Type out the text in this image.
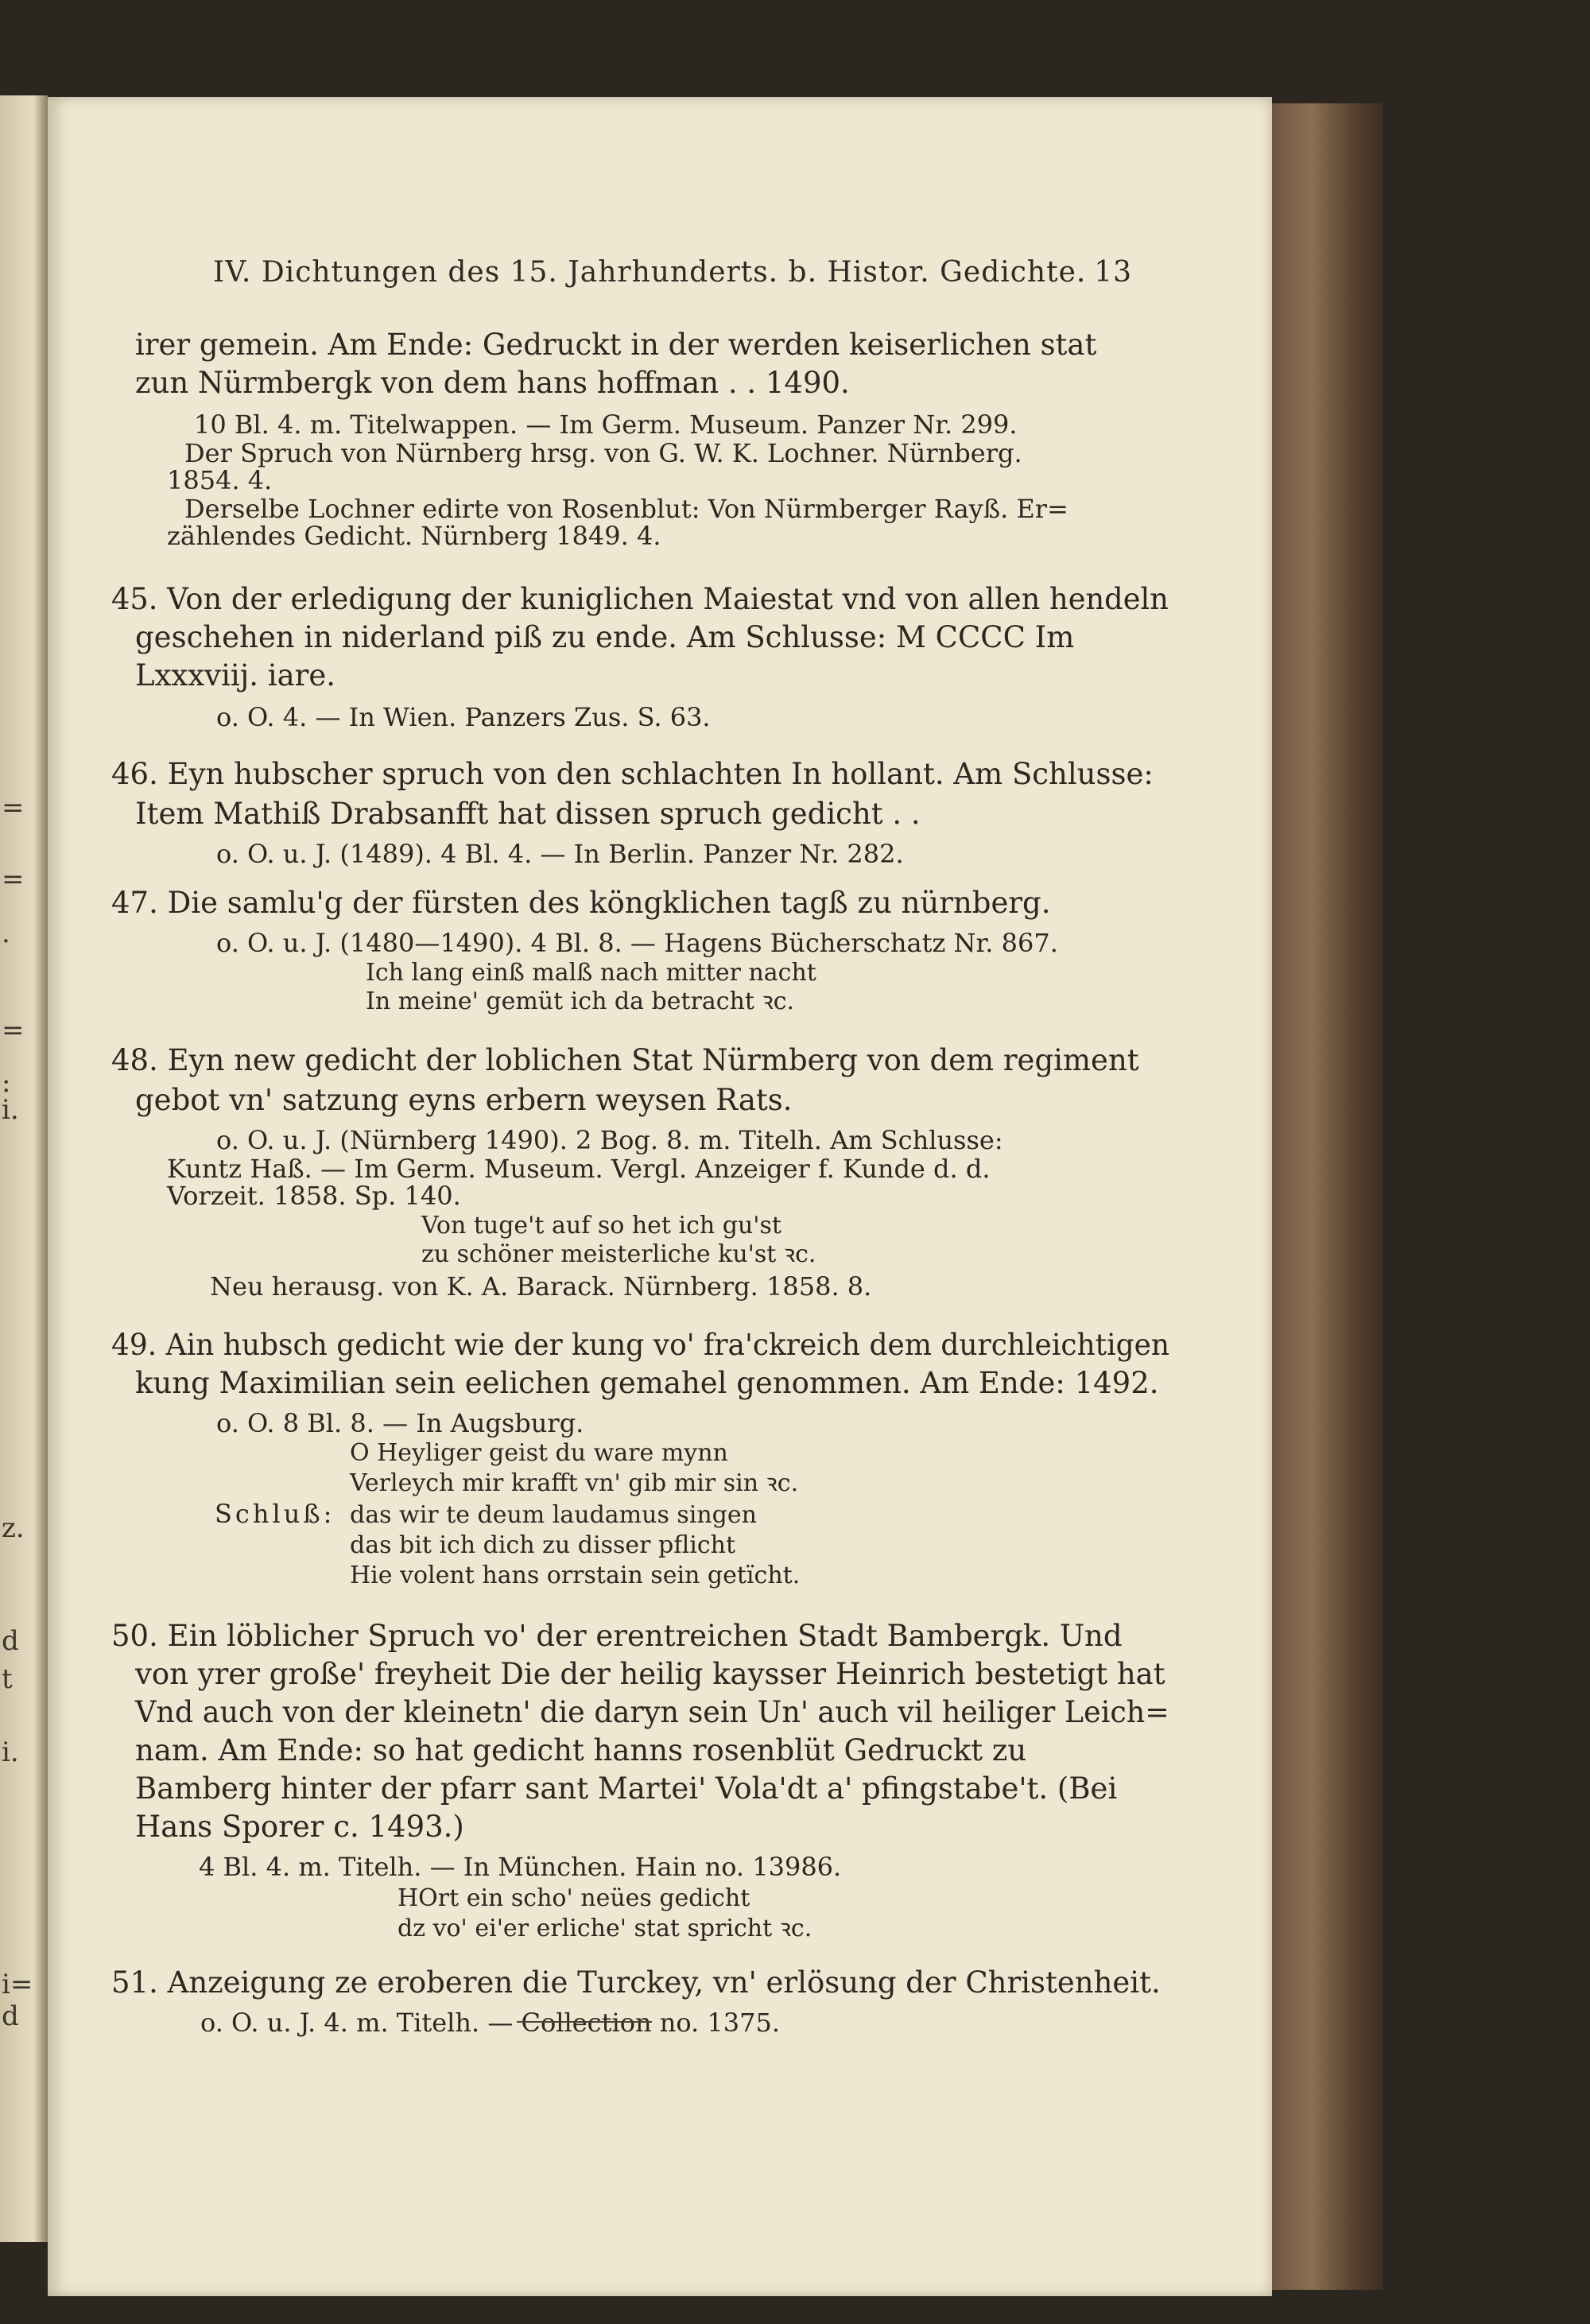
=
=
.
=
:
i.
z.
d
t
i.
i=
d
IV. Dichtungen des 15. Jahrhunderts. b. Histor. Gedichte. 13
irer gemein. Am Ende: Gedruckt in der werden keiserlichen stat
zun Nürmbergk von dem hans hoffman . . 1490.
10 Bl. 4. m. Titelwappen. — Im Germ. Museum. Panzer Nr. 299.
Der Spruch von Nürnberg hrsg. von G. W. K. Lochner. Nürnberg.
1854. 4.
Derselbe Lochner edirte von Rosenblut: Von Nürmberger Rayß. Er=
zählendes Gedicht. Nürnberg 1849. 4.
45. Von der erledigung der kuniglichen Maiestat vnd von allen hendeln
geschehen in niderland piß zu ende. Am Schlusse: M CCCC Im
Lxxxviij. iare.
o. O. 4. — In Wien. Panzers Zus. S. 63.
46. Eyn hubscher spruch von den schlachten In hollant. Am Schlusse:
Item Mathiß Drabsanfft hat dissen spruch gedicht . .
o. O. u. J. (1489). 4 Bl. 4. — In Berlin. Panzer Nr. 282.
47. Die samlu'g der fürsten des köngklichen tagß zu nürnberg.
o. O. u. J. (1480—1490). 4 Bl. 8. — Hagens Bücherschatz Nr. 867.
Ich lang einß malß nach mitter nacht
In meine' gemüt ich da betracht ꝛc.
48. Eyn new gedicht der loblichen Stat Nürmberg von dem regiment
gebot vn' satzung eyns erbern weysen Rats.
o. O. u. J. (Nürnberg 1490). 2 Bog. 8. m. Titelh. Am Schlusse:
Kuntz Haß. — Im Germ. Museum. Vergl. Anzeiger f. Kunde d. d.
Vorzeit. 1858. Sp. 140.
Von tuge't auf so het ich gu'st
zu schöner meisterliche ku'st ꝛc.
Neu herausg. von K. A. Barack. Nürnberg. 1858. 8.
49. Ain hubsch gedicht wie der kung vo' fra'ckreich dem durchleichtigen
kung Maximilian sein eelichen gemahel genommen. Am Ende: 1492.
o. O. 8 Bl. 8. — In Augsburg.
O Heyliger geist du ware mynn
Verleych mir krafft vn' gib mir sin ꝛc.
Schluß: das wir te deum laudamus singen
das bit ich dich zu disser pflicht
Hie volent hans orrstain sein getïcht.
50. Ein löblicher Spruch vo' der erentreichen Stadt Bambergk. Und
von yrer große' freyheit Die der heilig kaysser Heinrich bestetigt hat
Vnd auch von der kleinetn' die daryn sein Un' auch vil heiliger Leich=
nam. Am Ende: so hat gedicht hanns rosenblüt Gedruckt zu
Bamberg hinter der pfarr sant Martei' Vola'dt a' pfingstabe't. (Bei
Hans Sporer c. 1493.)
4 Bl. 4. m. Titelh. — In München. Hain no. 13986.
HOrt ein scho' neües gedicht
dz vo' ei'er erliche' stat spricht ꝛc.
51. Anzeigung ze eroberen die Turckey, vn' erlösung der Christenheit.
o. O. u. J. 4. m. Titelh. — Collection no. 1375.
